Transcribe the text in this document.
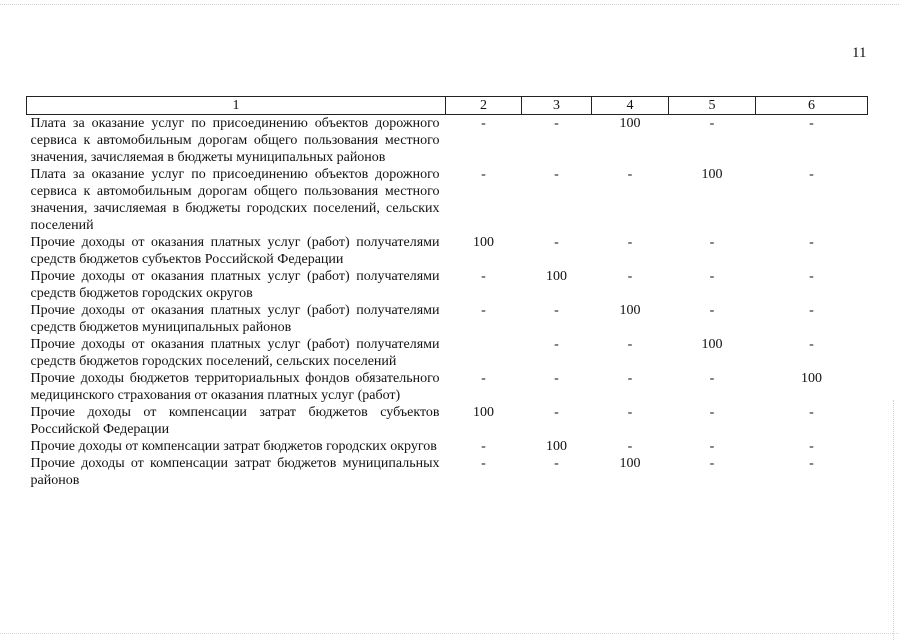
11
1	2	3	4	5	6
Плата за оказание услуг по присоединению объектов дорожного сервиса к автомобильным дорогам общего пользования местного значения, зачисляемая в бюджеты муниципальных районов	-	-	100	-	-
Плата за оказание услуг по присоединению объектов дорожного сервиса к автомобильным дорогам общего пользования местного значения, зачисляемая в бюджеты городских поселений, сельских поселений	-	-	-	100	-
Прочие доходы от оказания платных услуг (работ) получателями средств бюджетов субъектов Российской Федерации	100	-	-	-	-
Прочие доходы от оказания платных услуг (работ) получателями средств бюджетов городских округов	-	100	-	-	-
Прочие доходы от оказания платных услуг (работ) получателями средств бюджетов муниципальных районов	-	-	100	-	-
Прочие доходы от оказания платных услуг (работ) получателями средств бюджетов городских поселений, сельских поселений		-	-	100	-
Прочие доходы бюджетов территориальных фондов обязательного медицинского страхования от оказания платных услуг (работ)	-	-	-	-	100
Прочие доходы от компенсации затрат бюджетов субъектов Российской Федерации	100	-	-	-	-
Прочие доходы от компенсации затрат бюджетов городских округов	-	100	-	-	-
Прочие доходы от компенсации затрат бюджетов муниципальных районов	-	-	100	-	-
